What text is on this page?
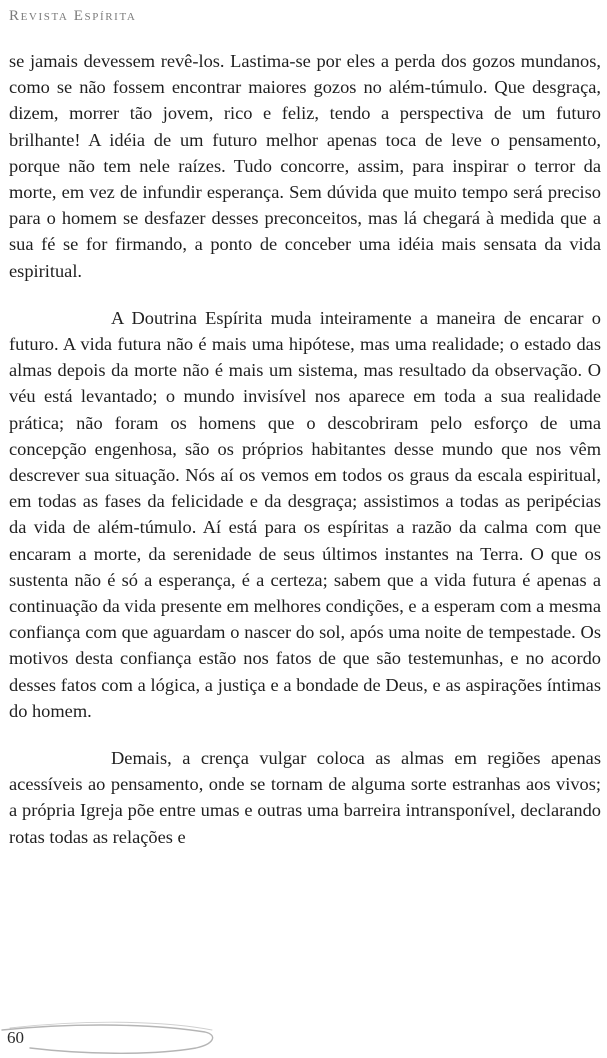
Revista Espírita

se jamais devessem revê-los. Lastima-se por eles a perda dos gozos mundanos, como se não fossem encontrar maiores gozos no além-túmulo. Que desgraça, dizem, morrer tão jovem, rico e feliz, tendo a perspectiva de um futuro brilhante! A idéia de um futuro melhor apenas toca de leve o pensamento, porque não tem nele raízes. Tudo concorre, assim, para inspirar o terror da morte, em vez de infundir esperança. Sem dúvida que muito tempo será preciso para o homem se desfazer desses preconceitos, mas lá chegará à medida que a sua fé se for firmando, a ponto de conceber uma idéia mais sensata da vida espiritual.

A Doutrina Espírita muda inteiramente a maneira de encarar o futuro. A vida futura não é mais uma hipótese, mas uma realidade; o estado das almas depois da morte não é mais um sistema, mas resultado da observação. O véu está levantado; o mundo invisível nos aparece em toda a sua realidade prática; não foram os homens que o descobriram pelo esforço de uma concepção engenhosa, são os próprios habitantes desse mundo que nos vêm descrever sua situação. Nós aí os vemos em todos os graus da escala espiritual, em todas as fases da felicidade e da desgraça; assistimos a todas as peripécias da vida de além-túmulo. Aí está para os espíritas a razão da calma com que encaram a morte, da serenidade de seus últimos instantes na Terra. O que os sustenta não é só a esperança, é a certeza; sabem que a vida futura é apenas a continuação da vida presente em melhores condições, e a esperam com a mesma confiança com que aguardam o nascer do sol, após uma noite de tempestade. Os motivos desta confiança estão nos fatos de que são testemunhas, e no acordo desses fatos com a lógica, a justiça e a bondade de Deus, e as aspirações íntimas do homem.

Demais, a crença vulgar coloca as almas em regiões apenas acessíveis ao pensamento, onde se tornam de alguma sorte estranhas aos vivos; a própria Igreja põe entre umas e outras uma barreira intransponível, declarando rotas todas as relações e

60
